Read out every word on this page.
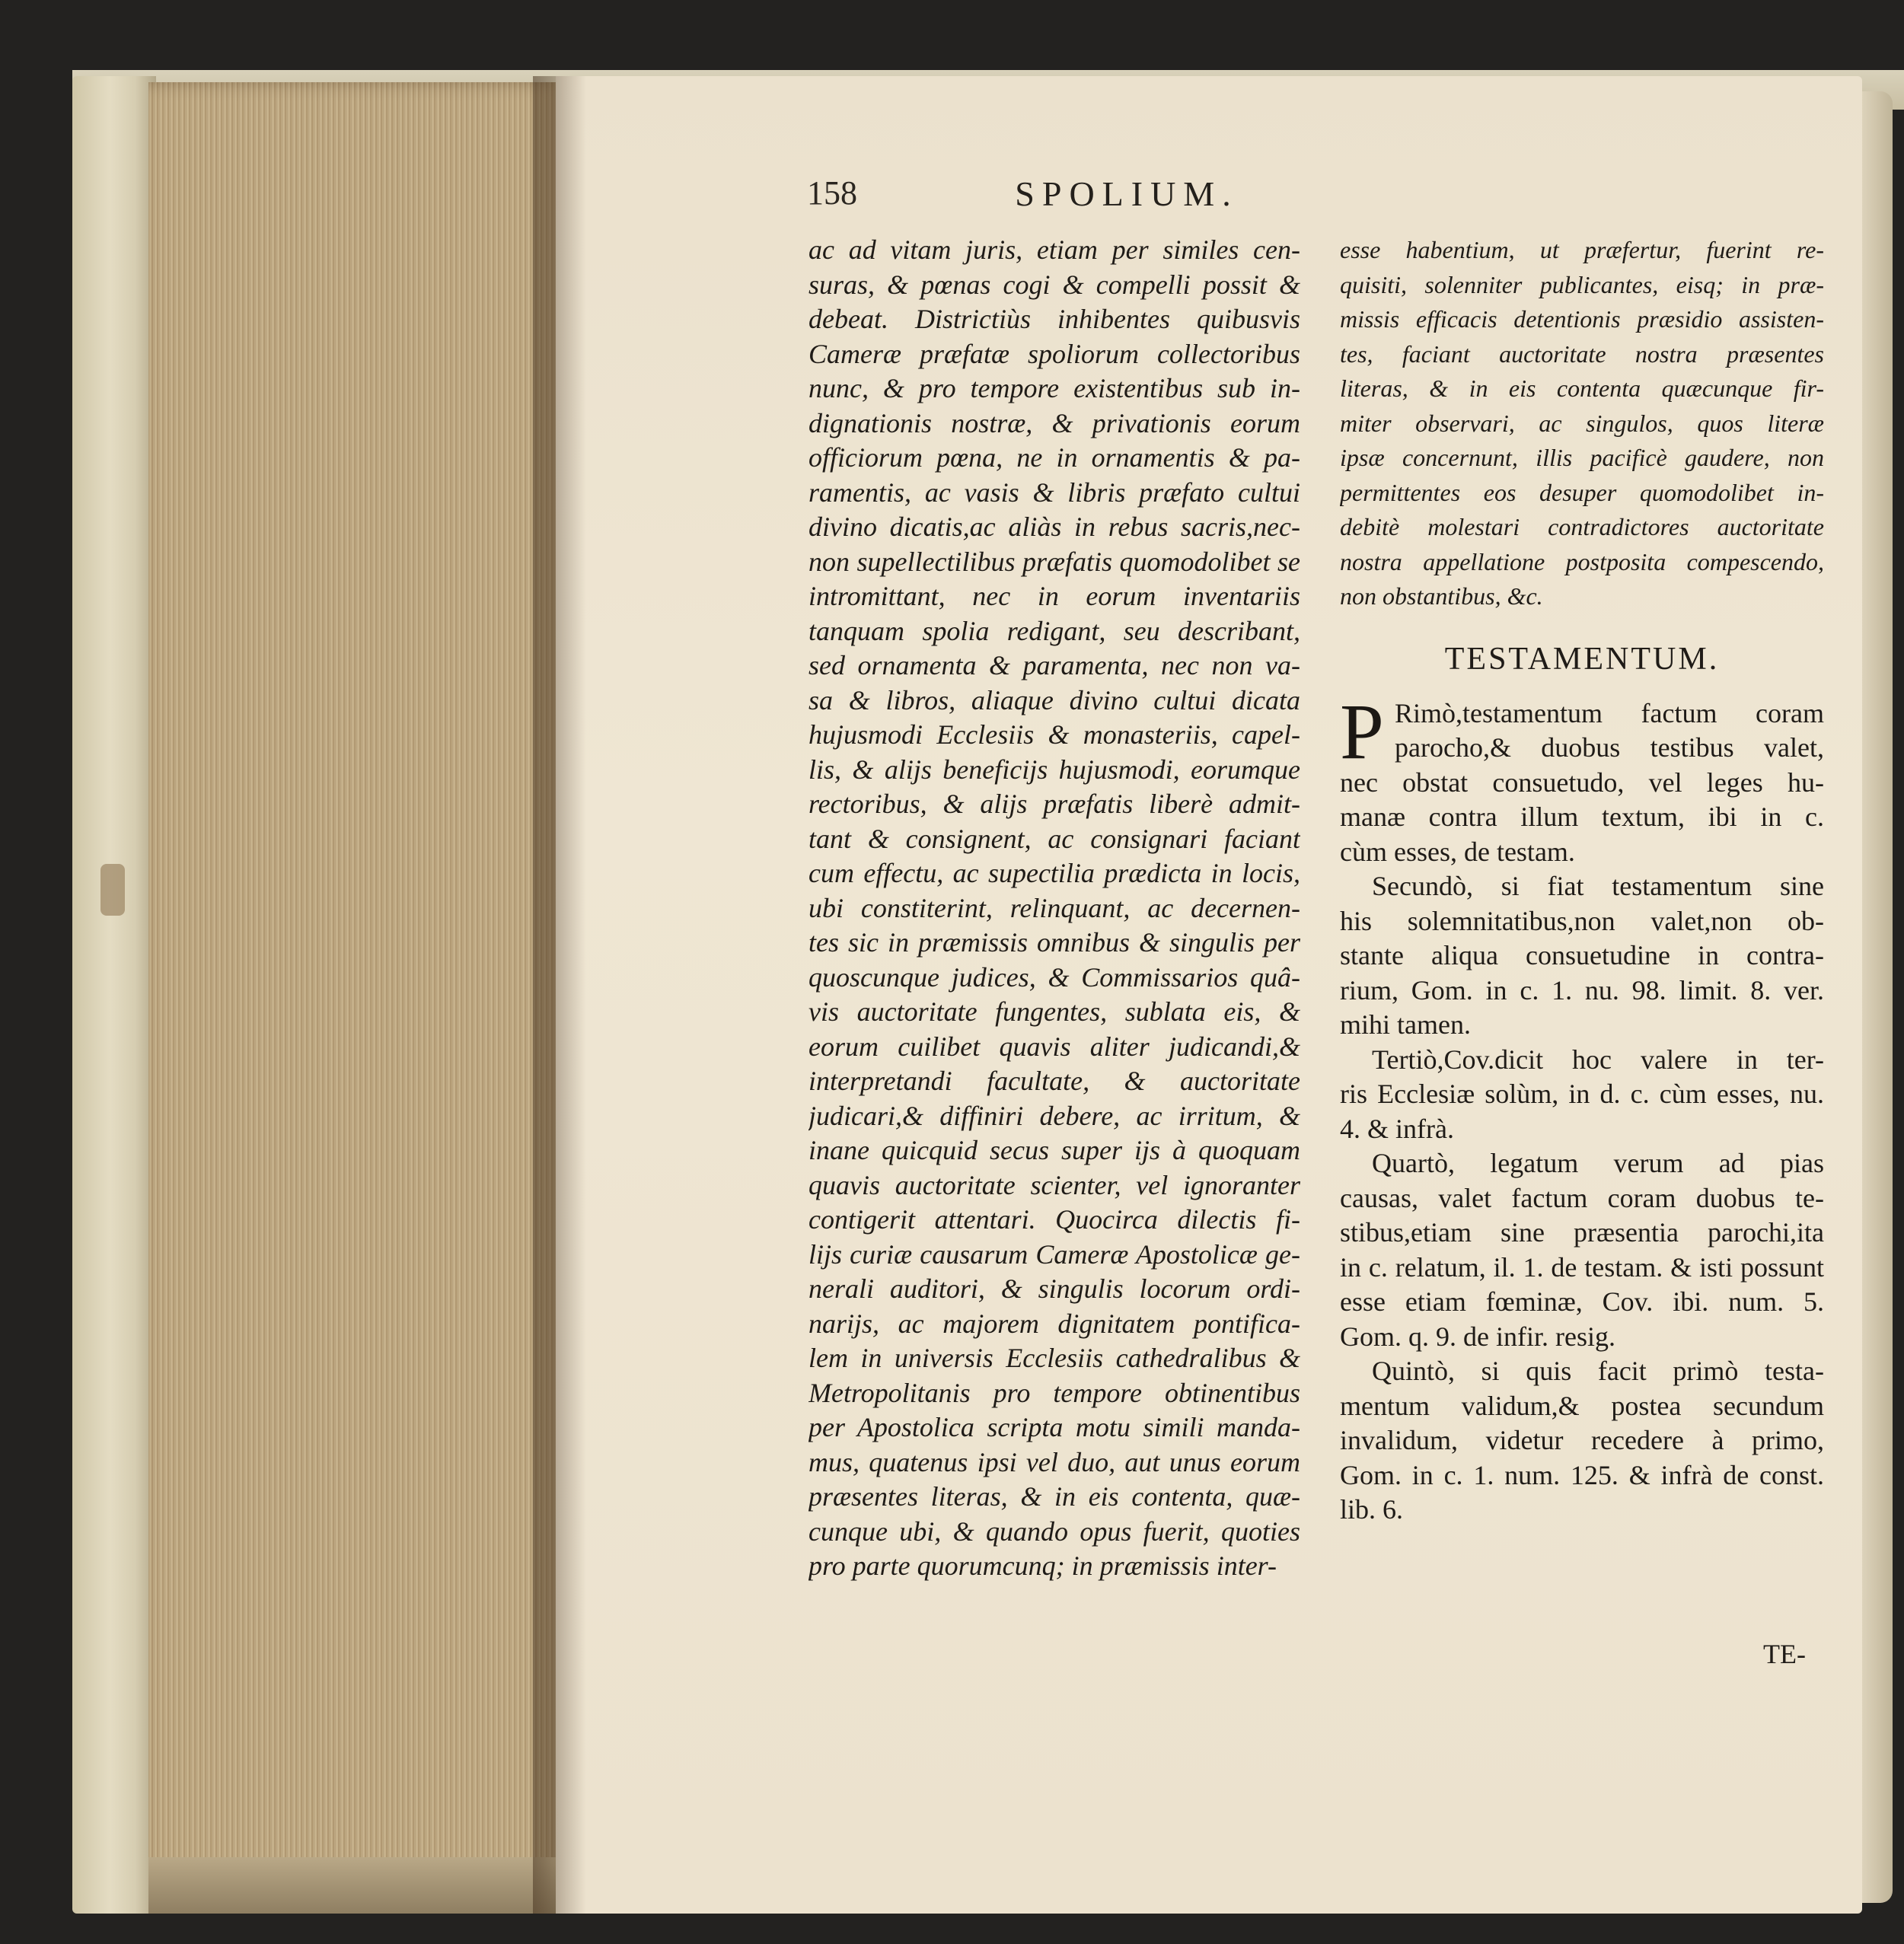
158	SPOLIUM.
ac ad vitam juris, etiam per similes cen-
suras, & pœnas cogi & compelli possit &
debeat. Districtiùs inhibentes quibusvis
Cameræ præfatæ spoliorum collectoribus
nunc, & pro tempore existentibus sub in-
dignationis nostræ, & privationis eorum
officiorum pœna, ne in ornamentis & pa-
ramentis, ac vasis & libris præfato cultui
divino dicatis,ac aliàs in rebus sacris,nec-
non supellectilibus præfatis quomodolibet se
intromittant, nec in eorum inventariis
tanquam spolia redigant, seu describant,
sed ornamenta & paramenta, nec non va-
sa & libros, aliaque divino cultui dicata
hujusmodi Ecclesiis & monasteriis, capel-
lis, & alijs beneficijs hujusmodi, eorumque
rectoribus, & alijs præfatis liberè admit-
tant & consignent, ac consignari faciant
cum effectu, ac supectilia prædicta in locis,
ubi constiterint, relinquant, ac decernen-
tes sic in præmissis omnibus & singulis per
quoscunque judices, & Commissarios quâ-
vis auctoritate fungentes, sublata eis, &
eorum cuilibet quavis aliter judicandi,&
interpretandi facultate, & auctoritate
judicari,& diffiniri debere, ac irritum, &
inane quicquid secus super ijs à quoquam
quavis auctoritate scienter, vel ignoranter
contigerit attentari. Quocirca dilectis fi-
lijs curiæ causarum Cameræ Apostolicæ ge-
nerali auditori, & singulis locorum ordi-
narijs, ac majorem dignitatem pontifica-
lem in universis Ecclesiis cathedralibus &
Metropolitanis pro tempore obtinentibus
per Apostolica scripta motu simili manda-
mus, quatenus ipsi vel duo, aut unus eorum
præsentes literas, & in eis contenta, quæ-
cunque ubi, & quando opus fuerit, quoties
pro parte quorumcunq; in præmissis inter-
esse habentium, ut præfertur, fuerint re-
quisiti, solenniter publicantes, eisq; in præ-
missis efficacis detentionis præsidio assisten-
tes, faciant auctoritate nostra præsentes
literas, & in eis contenta quæcunque fir-
miter observari, ac singulos, quos literæ
ipsæ concernunt, illis pacificè gaudere, non
permittentes eos desuper quomodolibet in-
debitè molestari contradictores auctoritate
nostra appellatione postposita compescendo,
non obstantibus, &c.
TESTAMENTUM.
P Rimò,testamentum factum coram
parocho,& duobus testibus valet,
nec obstat consuetudo, vel leges hu-
manæ contra illum textum, ibi in c.
cùm esses, de testam.
Secundò, si fiat testamentum sine
his solemnitatibus,non valet,non ob-
stante aliqua consuetudine in contra-
rium, Gom. in c. 1. nu. 98. limit. 8. ver.
mihi tamen.
Tertiò,Cov.dicit hoc valere in ter-
ris Ecclesiæ solùm, in d. c. cùm esses, nu.
4. & infrà.
Quartò, legatum verum ad pias
causas, valet factum coram duobus te-
stibus,etiam sine præsentia parochi,ita
in c. relatum, il. 1. de testam. & isti possunt
esse etiam fœminæ, Cov. ibi. num. 5.
Gom. q. 9. de infir. resig.
Quintò, si quis facit primò testa-
mentum validum,& postea secundum
invalidum, videtur recedere à primo,
Gom. in c. 1. num. 125. & infrà de const.
lib. 6.
TE-
